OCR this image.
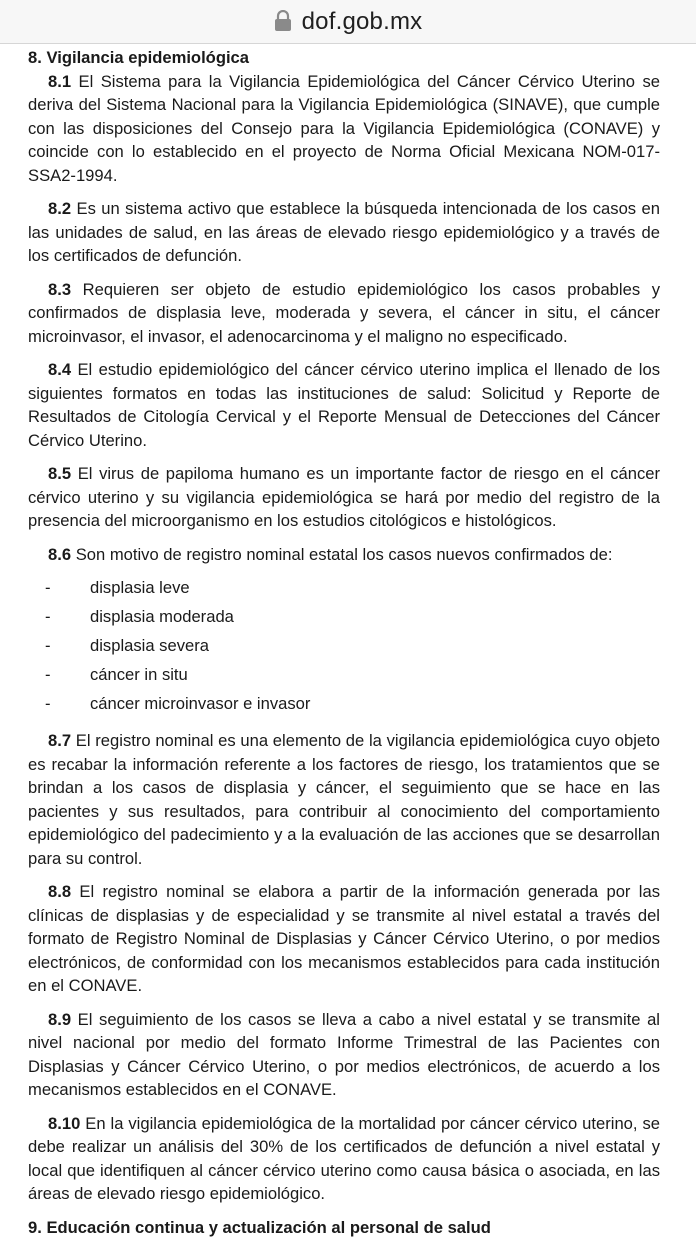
dof.gob.mx

8. Vigilancia epidemiológica

8.1 El Sistema para la Vigilancia Epidemiológica del Cáncer Cérvico Uterino se deriva del Sistema Nacional para la Vigilancia Epidemiológica (SINAVE), que cumple con las disposiciones del Consejo para la Vigilancia Epidemiológica (CONAVE) y coincide con lo establecido en el proyecto de Norma Oficial Mexicana NOM-017-SSA2-1994.

8.2 Es un sistema activo que establece la búsqueda intencionada de los casos en las unidades de salud, en las áreas de elevado riesgo epidemiológico y a través de los certificados de defunción.

8.3 Requieren ser objeto de estudio epidemiológico los casos probables y confirmados de displasia leve, moderada y severa, el cáncer in situ, el cáncer microinvasor, el invasor, el adenocarcinoma y el maligno no especificado.

8.4 El estudio epidemiológico del cáncer cérvico uterino implica el llenado de los siguientes formatos en todas las instituciones de salud: Solicitud y Reporte de Resultados de Citología Cervical y el Reporte Mensual de Detecciones del Cáncer Cérvico Uterino.

8.5 El virus de papiloma humano es un importante factor de riesgo en el cáncer cérvico uterino y su vigilancia epidemiológica se hará por medio del registro de la presencia del microorganismo en los estudios citológicos e histológicos.

8.6 Son motivo de registro nominal estatal los casos nuevos confirmados de:

-	displasia leve
-	displasia moderada
-	displasia severa
-	cáncer in situ
-	cáncer microinvasor e invasor

8.7 El registro nominal es una elemento de la vigilancia epidemiológica cuyo objeto es recabar la información referente a los factores de riesgo, los tratamientos que se brindan a los casos de displasia y cáncer, el seguimiento que se hace en las pacientes y sus resultados, para contribuir al conocimiento del comportamiento epidemiológico del padecimiento y a la evaluación de las acciones que se desarrollan para su control.

8.8 El registro nominal se elabora a partir de la información generada por las clínicas de displasias y de especialidad y se transmite al nivel estatal a través del formato de Registro Nominal de Displasias y Cáncer Cérvico Uterino, o por medios electrónicos, de conformidad con los mecanismos establecidos para cada institución en el CONAVE.

8.9 El seguimiento de los casos se lleva a cabo a nivel estatal y se transmite al nivel nacional por medio del formato Informe Trimestral de las Pacientes con Displasias y Cáncer Cérvico Uterino, o por medios electrónicos, de acuerdo a los mecanismos establecidos en el CONAVE.

8.10 En la vigilancia epidemiológica de la mortalidad por cáncer cérvico uterino, se debe realizar un análisis del 30% de los certificados de defunción a nivel estatal y local que identifiquen al cáncer cérvico uterino como causa básica o asociada, en las áreas de elevado riesgo epidemiológico.

9. Educación continua y actualización al personal de salud
